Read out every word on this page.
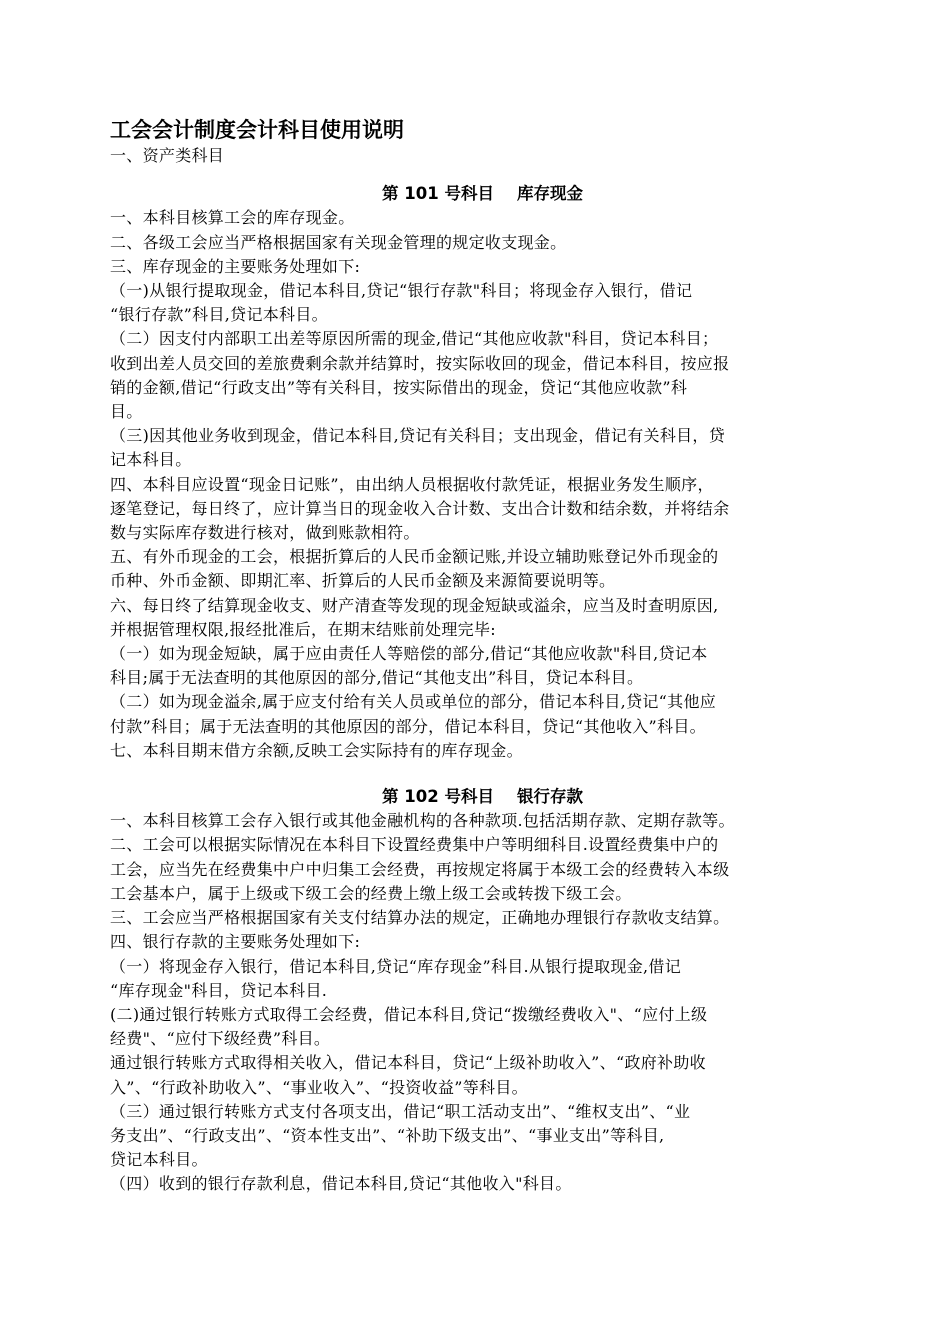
工会会计制度会计科目使用说明

一、资产类科目

第 101 号科目    库存现金

一、本科目核算工会的库存现金。

二、各级工会应当严格根据国家有关现金管理的规定收支现金。

三、库存现金的主要账务处理如下:

（一)从银行提取现金，借记本科目,贷记“银行存款"科目；将现金存入银行，借记

“银行存款”科目,贷记本科目。

（二）因支付内部职工出差等原因所需的现金,借记“其他应收款"科目，贷记本科目；

收到出差人员交回的差旅费剩余款并结算时，按实际收回的现金，借记本科目，按应报

销的金额,借记“行政支出”等有关科目，按实际借出的现金，贷记“其他应收款”科

目。

（三)因其他业务收到现金，借记本科目,贷记有关科目；支出现金，借记有关科目，贷

记本科目。

四、本科目应设置“现金日记账”，由出纳人员根据收付款凭证，根据业务发生顺序，

逐笔登记，每日终了，应计算当日的现金收入合计数、支出合计数和结余数，并将结余

数与实际库存数进行核对，做到账款相符。

五、有外币现金的工会，根据折算后的人民币金额记账,并设立辅助账登记外币现金的

币种、外币金额、即期汇率、折算后的人民币金额及来源简要说明等。

六、每日终了结算现金收支、财产清查等发现的现金短缺或溢余，应当及时查明原因,

并根据管理权限,报经批准后，在期末结账前处理完毕:

（一）如为现金短缺，属于应由责任人等赔偿的部分,借记“其他应收款"科目,贷记本

科目;属于无法查明的其他原因的部分,借记“其他支出”科目，贷记本科目。

（二）如为现金溢余,属于应支付给有关人员或单位的部分，借记本科目,贷记“其他应

付款”科目；属于无法查明的其他原因的部分，借记本科目，贷记“其他收入”科目。

七、本科目期末借方余额,反映工会实际持有的库存现金。

第 102 号科目    银行存款

一、本科目核算工会存入银行或其他金融机构的各种款项.包括活期存款、定期存款等。

二、工会可以根据实际情况在本科目下设置经费集中户等明细科目.设置经费集中户的

工会，应当先在经费集中户中归集工会经费，再按规定将属于本级工会的经费转入本级

工会基本户，属于上级或下级工会的经费上缴上级工会或转拨下级工会。

三、工会应当严格根据国家有关支付结算办法的规定，正确地办理银行存款收支结算。

四、银行存款的主要账务处理如下:

（一）将现金存入银行，借记本科目,贷记“库存现金”科目.从银行提取现金,借记

“库存现金"科目，贷记本科目.

(二)通过银行转账方式取得工会经费，借记本科目,贷记“拨缴经费收入"、“应付上级

经费"、“应付下级经费”科目。

通过银行转账方式取得相关收入，借记本科目，贷记“上级补助收入”、“政府补助收

入”、“行政补助收入”、“事业收入”、“投资收益”等科目。

（三）通过银行转账方式支付各项支出，借记“职工活动支出”、“维权支出”、“业

务支出”、“行政支出”、“资本性支出”、“补助下级支出”、“事业支出”等科目,

贷记本科目。

（四）收到的银行存款利息，借记本科目,贷记“其他收入"科目。
